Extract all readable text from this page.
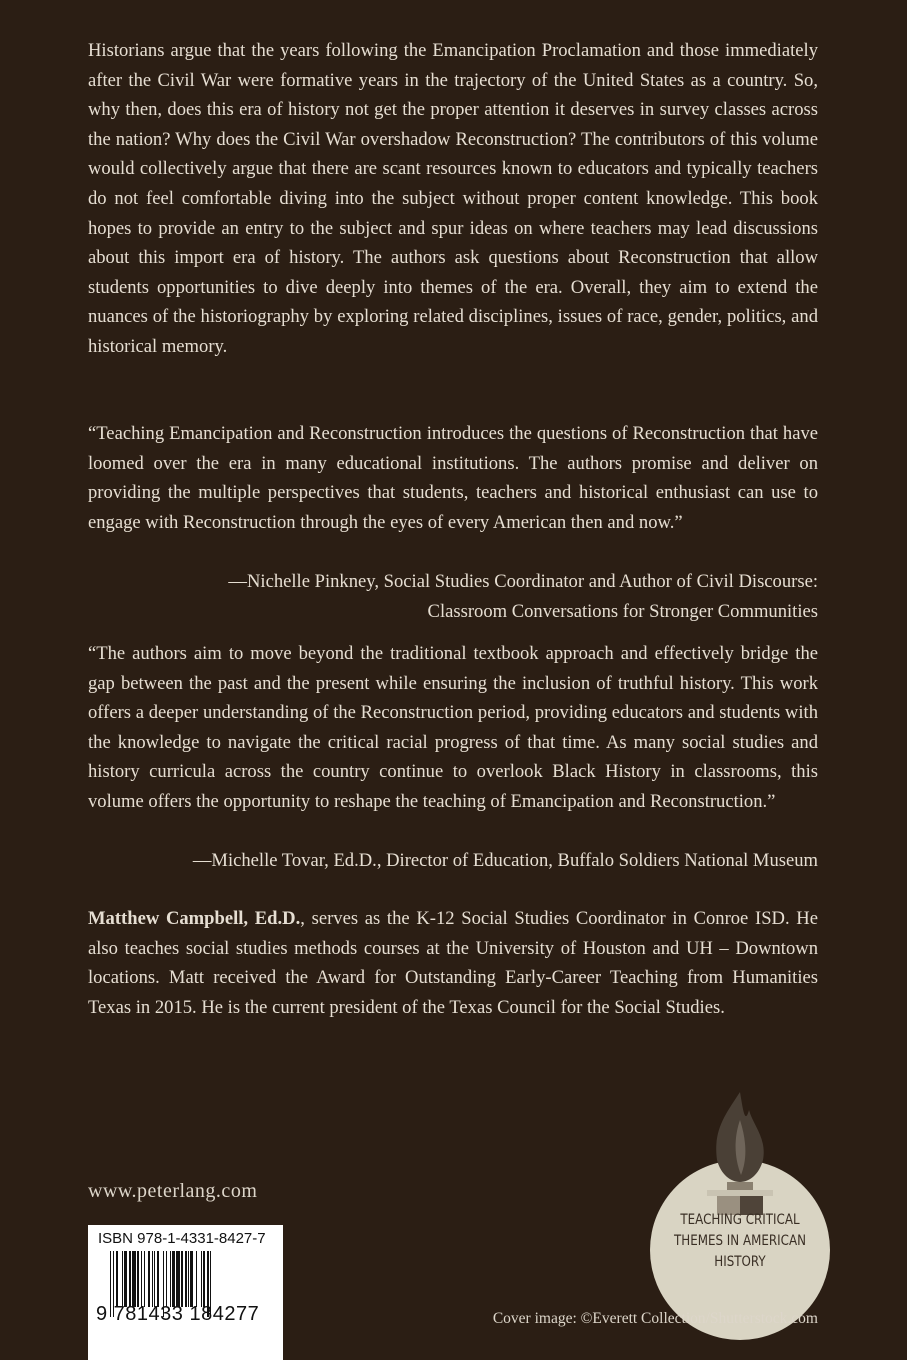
Historians argue that the years following the Emancipation Proclamation and those immediately after the Civil War were formative years in the trajectory of the United States as a country. So, why then, does this era of history not get the proper attention it deserves in survey classes across the nation? Why does the Civil War overshadow Reconstruction? The contributors of this volume would collectively argue that there are scant resources known to educators and typically teachers do not feel comfortable diving into the subject without proper content knowledge. This book hopes to provide an entry to the subject and spur ideas on where teachers may lead discussions about this import era of history. The authors ask questions about Reconstruction that allow students opportunities to dive deeply into themes of the era. Overall, they aim to extend the nuances of the historiography by exploring related disciplines, issues of race, gender, politics, and historical memory.

“Teaching Emancipation and Reconstruction introduces the questions of Reconstruction that have loomed over the era in many educational institutions. The authors promise and deliver on providing the multiple perspectives that students, teachers and historical enthusiast can use to engage with Reconstruction through the eyes of every American then and now.”

—Nichelle Pinkney, Social Studies Coordinator and Author of Civil Discourse:

Classroom Conversations for Stronger Communities

“The authors aim to move beyond the traditional textbook approach and effectively bridge the gap between the past and the present while ensuring the inclusion of truthful history. This work offers a deeper understanding of the Reconstruction period, providing educators and students with the knowledge to navigate the critical racial progress of that time. As many social studies and history curricula across the country continue to overlook Black History in classrooms, this volume offers the opportunity to reshape the teaching of Emancipation and Reconstruction.”

—Michelle Tovar, Ed.D., Director of Education, Buffalo Soldiers National Museum

Matthew Campbell, Ed.D., serves as the K-12 Social Studies Coordinator in Conroe ISD. He also teaches social studies methods courses at the University of Houston and UH – Downtown locations. Matt received the Award for Outstanding Early-Career Teaching from Humanities Texas in 2015. He is the current president of the Texas Council for the Social Studies.

www.peterlang.com
ISBN 978-1-4331-8427-7
9 781433 184277
TEACHING CRITICAL
THEMES IN AMERICAN
HISTORY
Cover image: ©Everett Collection/Shutterstock.com
